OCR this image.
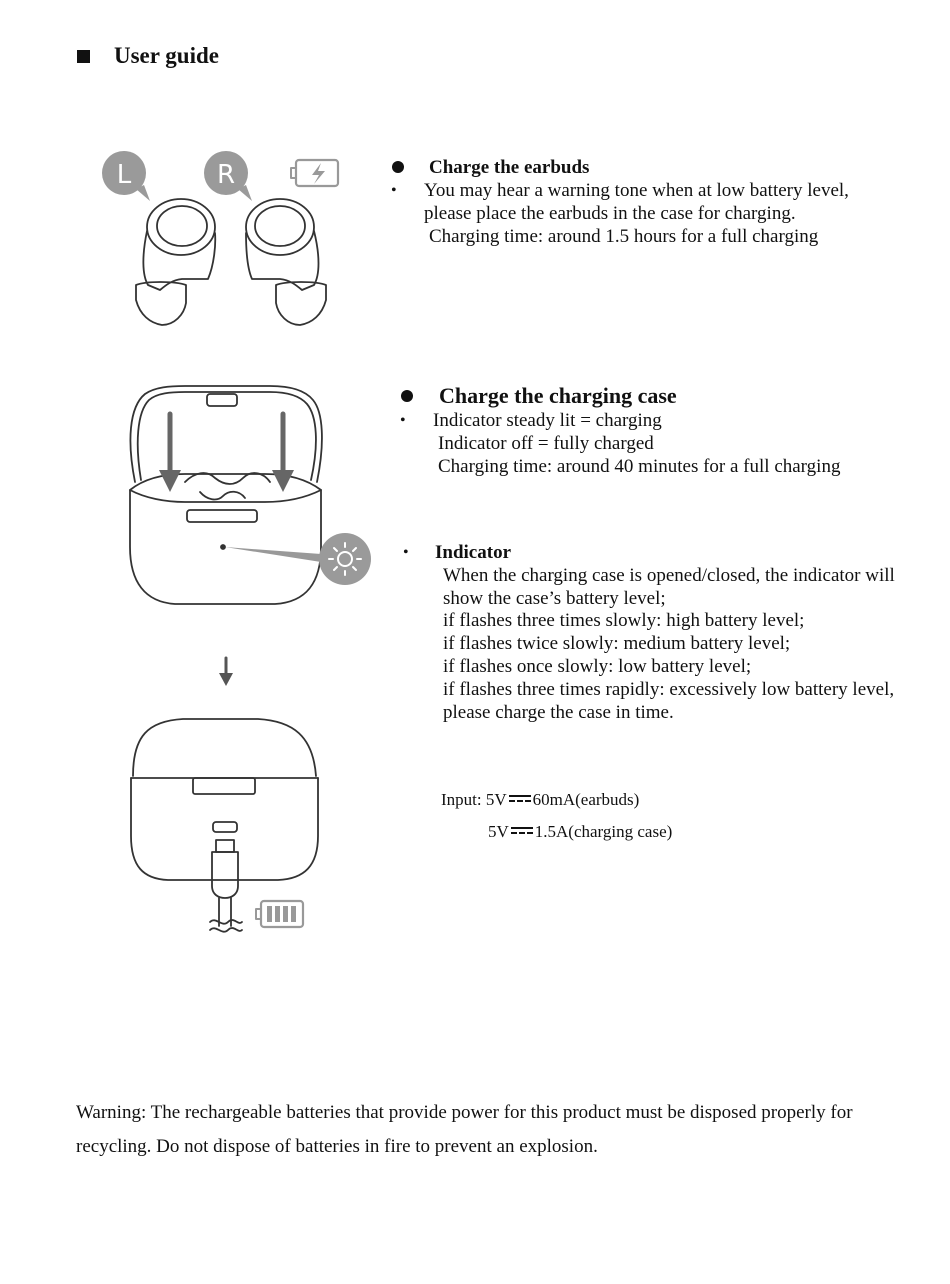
User guide
L	R	Charge the earbuds
• You may hear a warning tone when at low battery level,
please place the earbuds in the case for charging.
Charging time: around 1.5 hours for a full charging
Charge the charging case
• Indicator steady lit = charging
Indicator off = fully charged
Charging time: around 40 minutes for a full charging
• Indicator
When the charging case is opened/closed, the indicator will
show the case’s battery level;
if flashes three times slowly: high battery level;
if flashes twice slowly: medium battery level;
if flashes once slowly: low battery level;
if flashes three times rapidly: excessively low battery level,
please charge the case in time.
Input: 5V 60mA(earbuds)
5V 1.5A(charging case)
Warning: The rechargeable batteries that provide power for this product must be disposed properly for
recycling. Do not dispose of batteries in fire to prevent an explosion.
